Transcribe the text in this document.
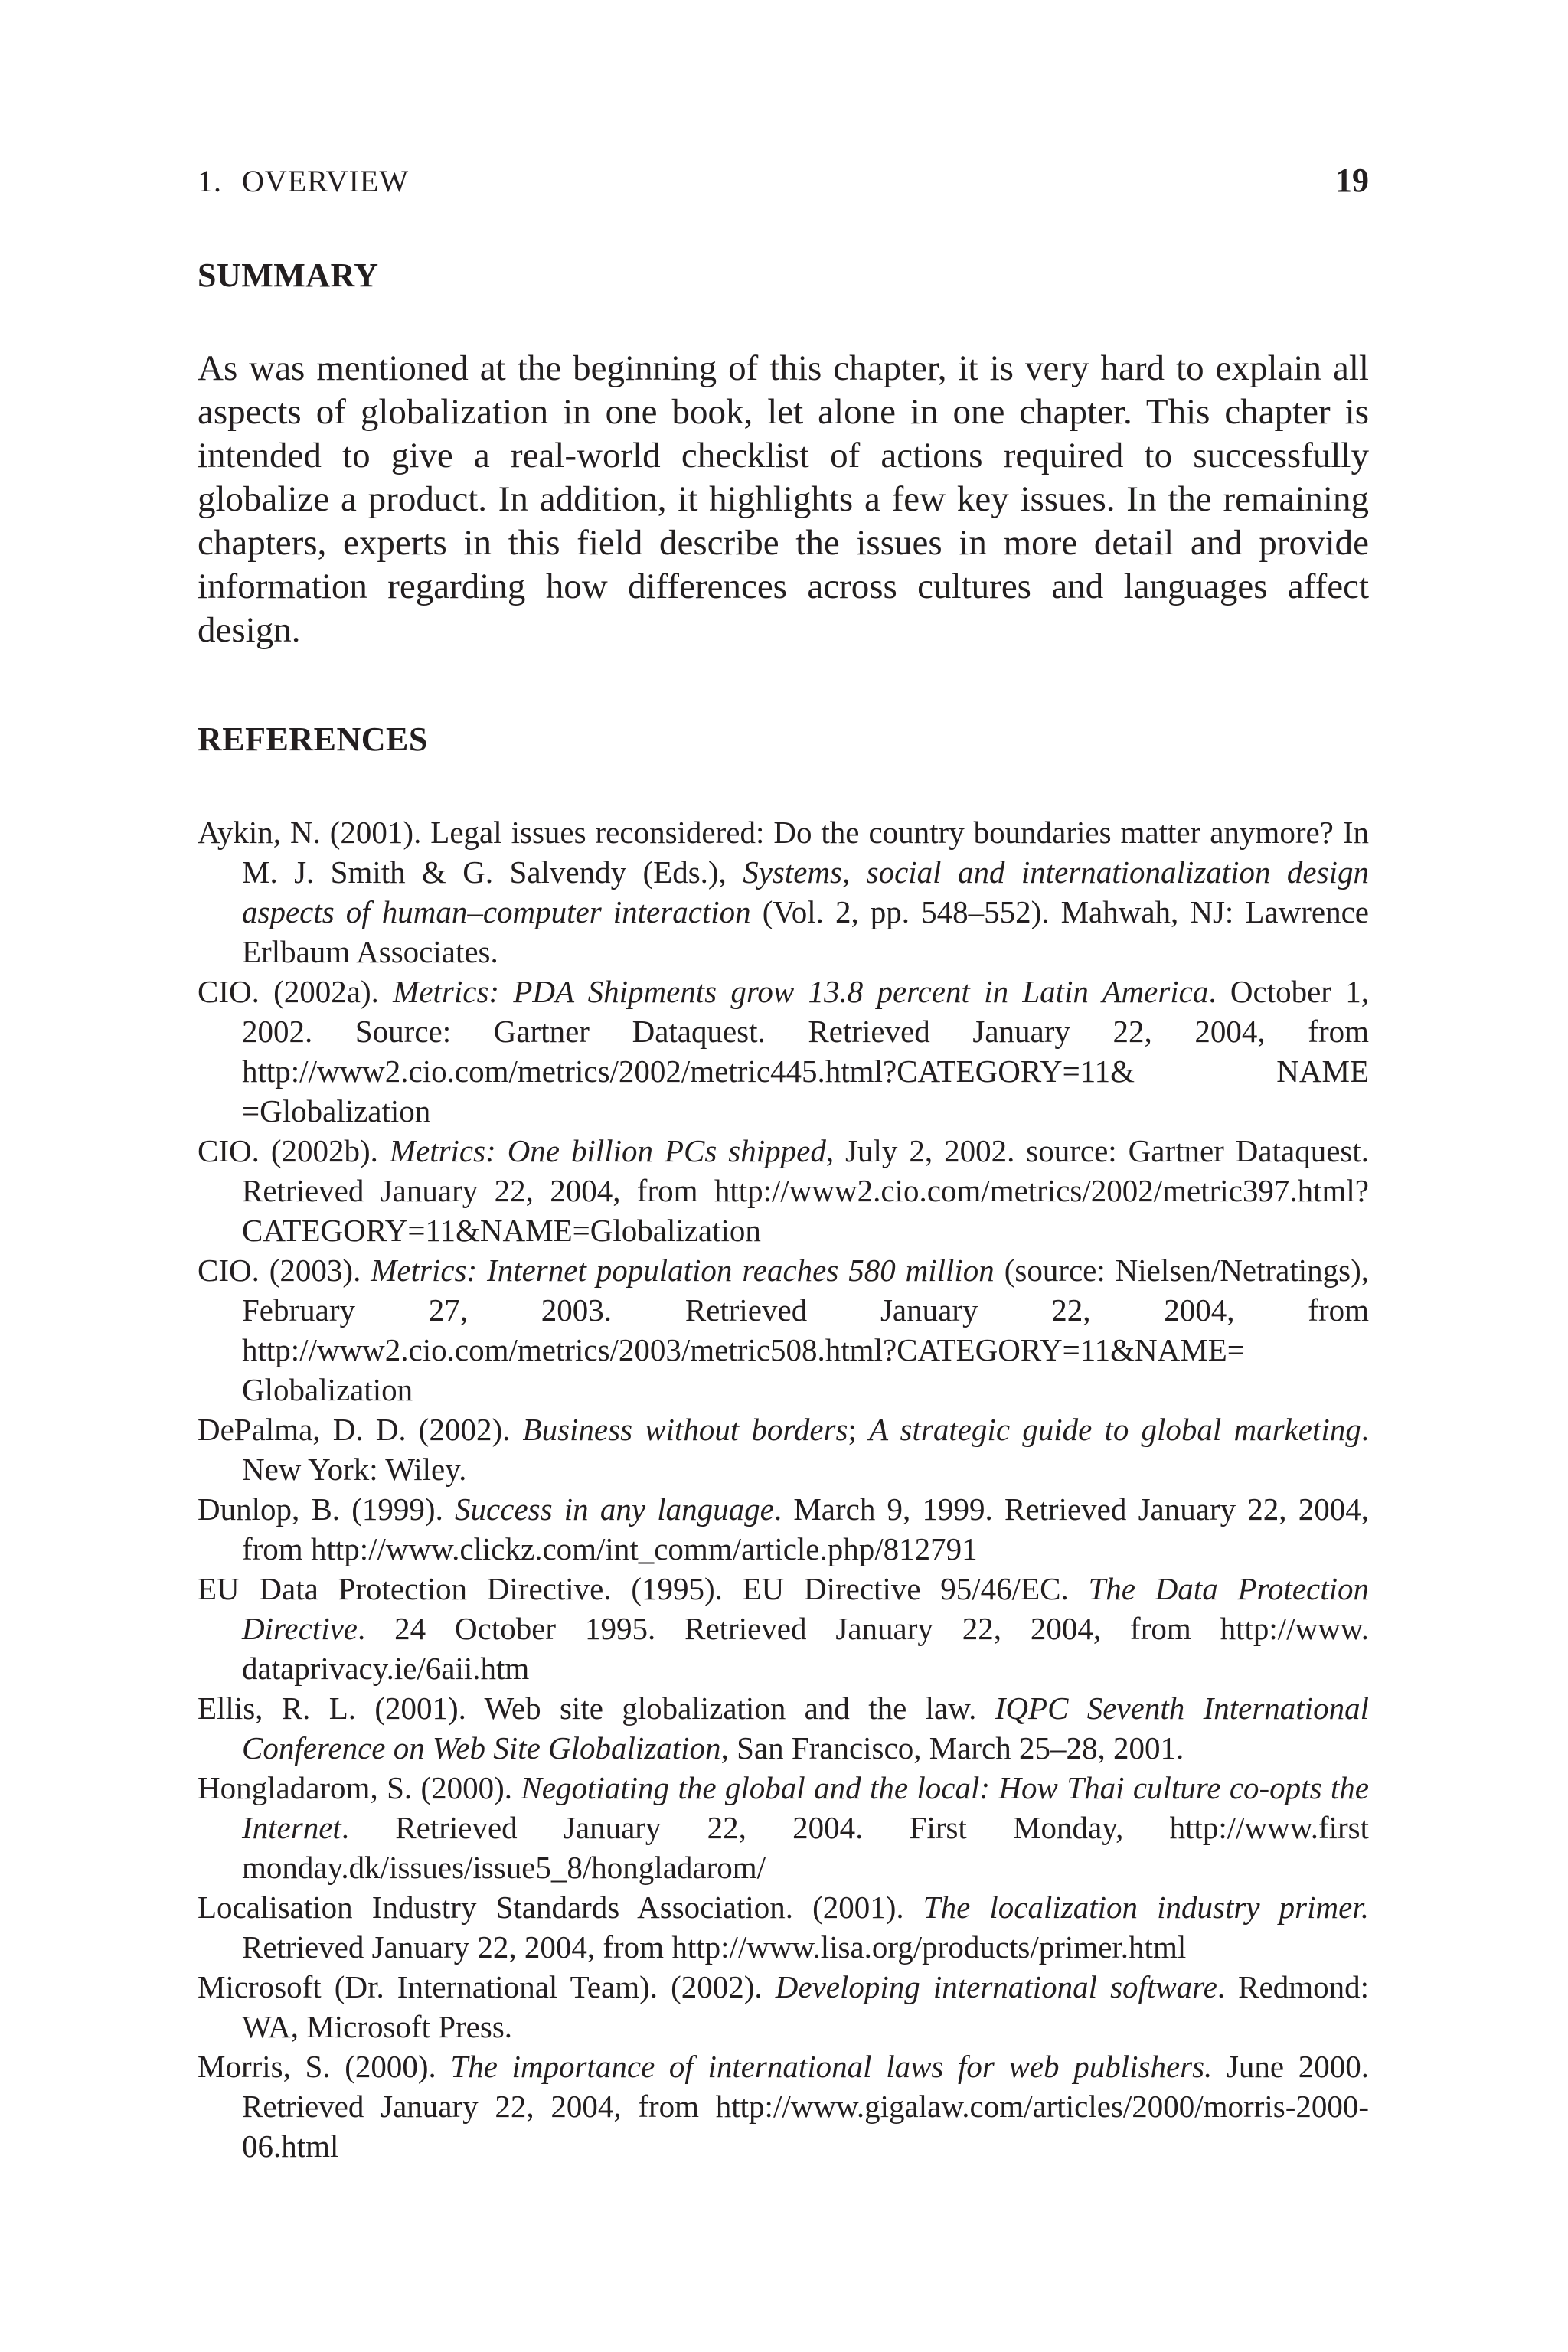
1. OVERVIEW	19
SUMMARY

As was mentioned at the beginning of this chapter, it is very hard to explain all aspects of globalization in one book, let alone in one chapter. This chapter is intended to give a real-world checklist of actions required to successfully globalize a product. In addition, it highlights a few key issues. In the remaining chapters, experts in this field describe the issues in more detail and provide information regarding how differences across cultures and languages affect design.

REFERENCES
Aykin, N. (2001). Legal issues reconsidered: Do the country boundaries matter anymore? In M. J. Smith & G. Salvendy (Eds.), Systems, social and internationalization design aspects of human–computer interaction (Vol. 2, pp. 548–552). Mahwah, NJ: Lawrence Erlbaum Associates.
CIO. (2002a). Metrics: PDA Shipments grow 13.8 percent in Latin America. October 1, 2002. Source: Gartner Dataquest. Retrieved January 22, 2004, from http://www2.cio.com/metrics/2002/metric445.html?CATEGORY=11& NAME =Globalization
CIO. (2002b). Metrics: One billion PCs shipped, July 2, 2002. source: Gartner Dataquest. Retrieved January 22, 2004, from http://www2.cio.com/metrics/2002/metric397.html?CATEGORY=11&NAME=Globalization
CIO. (2003). Metrics: Internet population reaches 580 million (source: Nielsen/Netratings), February 27, 2003. Retrieved January 22, 2004, from http://www2.cio.com/metrics/2003/metric508.html?CATEGORY=11&NAME= Globalization
DePalma, D. D. (2002). Business without borders; A strategic guide to global marketing. New York: Wiley.
Dunlop, B. (1999). Success in any language. March 9, 1999. Retrieved January 22, 2004, from http://www.clickz.com/int_comm/article.php/812791
EU Data Protection Directive. (1995). EU Directive 95/46/EC. The Data Protection Directive. 24 October 1995. Retrieved January 22, 2004, from http://www. dataprivacy.ie/6aii.htm
Ellis, R. L. (2001). Web site globalization and the law. IQPC Seventh International Conference on Web Site Globalization, San Francisco, March 25–28, 2001.
Hongladarom, S. (2000). Negotiating the global and the local: How Thai culture co-opts the Internet. Retrieved January 22, 2004. First Monday, http://www.first monday.dk/issues/issue5_8/hongladarom/
Localisation Industry Standards Association. (2001). The localization industry primer. Retrieved January 22, 2004, from http://www.lisa.org/products/primer.html
Microsoft (Dr. International Team). (2002). Developing international software. Redmond: WA, Microsoft Press.
Morris, S. (2000). The importance of international laws for web publishers. June 2000. Retrieved January 22, 2004, from http://www.gigalaw.com/articles/2000/morris-2000-06.html
